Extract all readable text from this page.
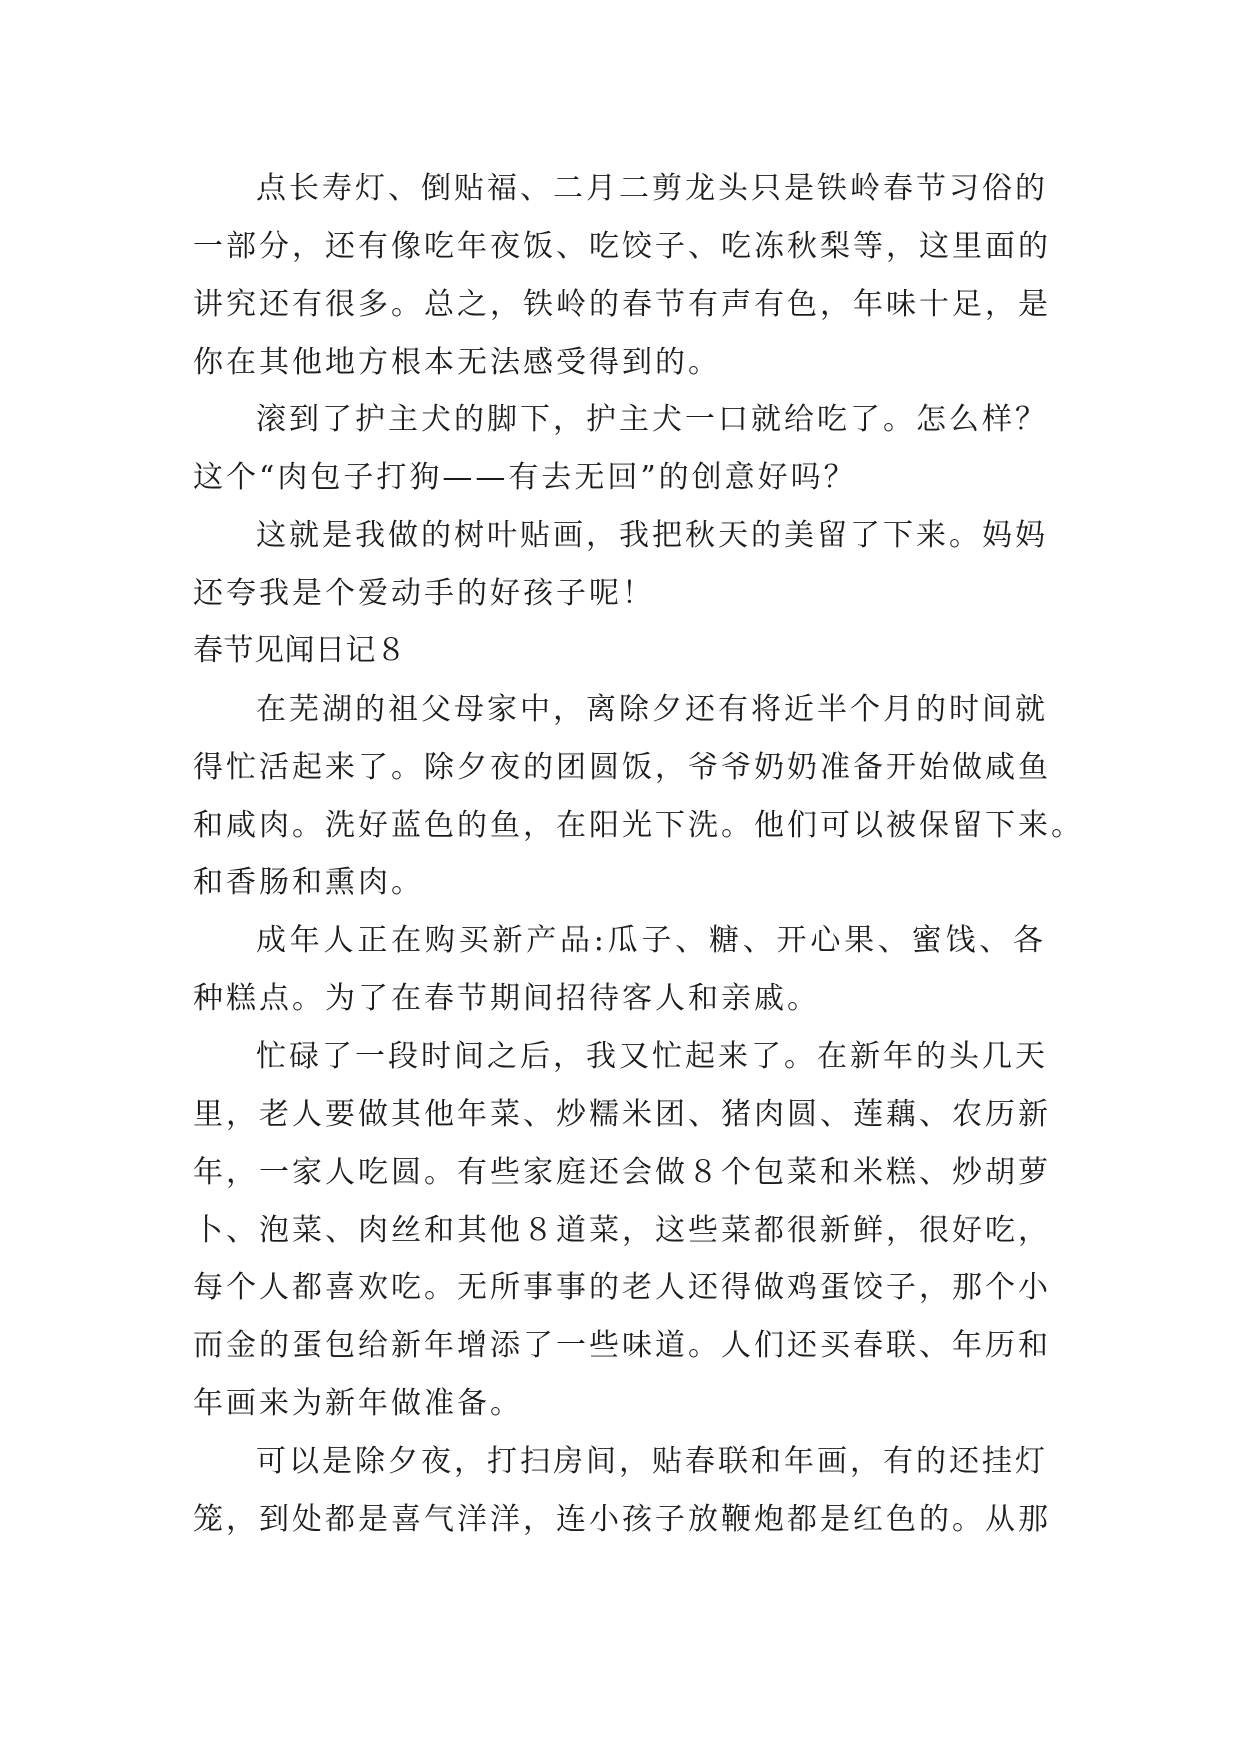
点长寿灯、倒贴福、二月二剪龙头只是铁岭春节习俗的

一部分，还有像吃年夜饭、吃饺子、吃冻秋梨等，这里面的

讲究还有很多。总之，铁岭的春节有声有色，年味十足，是

你在其他地方根本无法感受得到的。

滚到了护主犬的脚下，护主犬一口就给吃了。怎么样？

这个“肉包子打狗——有去无回”的创意好吗？

这就是我做的树叶贴画，我把秋天的美留了下来。妈妈

还夸我是个爱动手的好孩子呢！

春节见闻日记８

在芜湖的祖父母家中，离除夕还有将近半个月的时间就

得忙活起来了。除夕夜的团圆饭，爷爷奶奶准备开始做咸鱼

和咸肉。洗好蓝色的鱼，在阳光下洗。他们可以被保留下来。

和香肠和熏肉。

成年人正在购买新产品:瓜子、糖、开心果、蜜饯、各

种糕点。为了在春节期间招待客人和亲戚。

忙碌了一段时间之后，我又忙起来了。在新年的头几天

里，老人要做其他年菜、炒糯米团、猪肉圆、莲藕、农历新

年，一家人吃圆。有些家庭还会做８个包菜和米糕、炒胡萝

卜、泡菜、肉丝和其他８道菜，这些菜都很新鲜，很好吃，

每个人都喜欢吃。无所事事的老人还得做鸡蛋饺子，那个小

而金的蛋包给新年增添了一些味道。人们还买春联、年历和

年画来为新年做准备。

可以是除夕夜，打扫房间，贴春联和年画，有的还挂灯

笼，到处都是喜气洋洋，连小孩子放鞭炮都是红色的。从那
